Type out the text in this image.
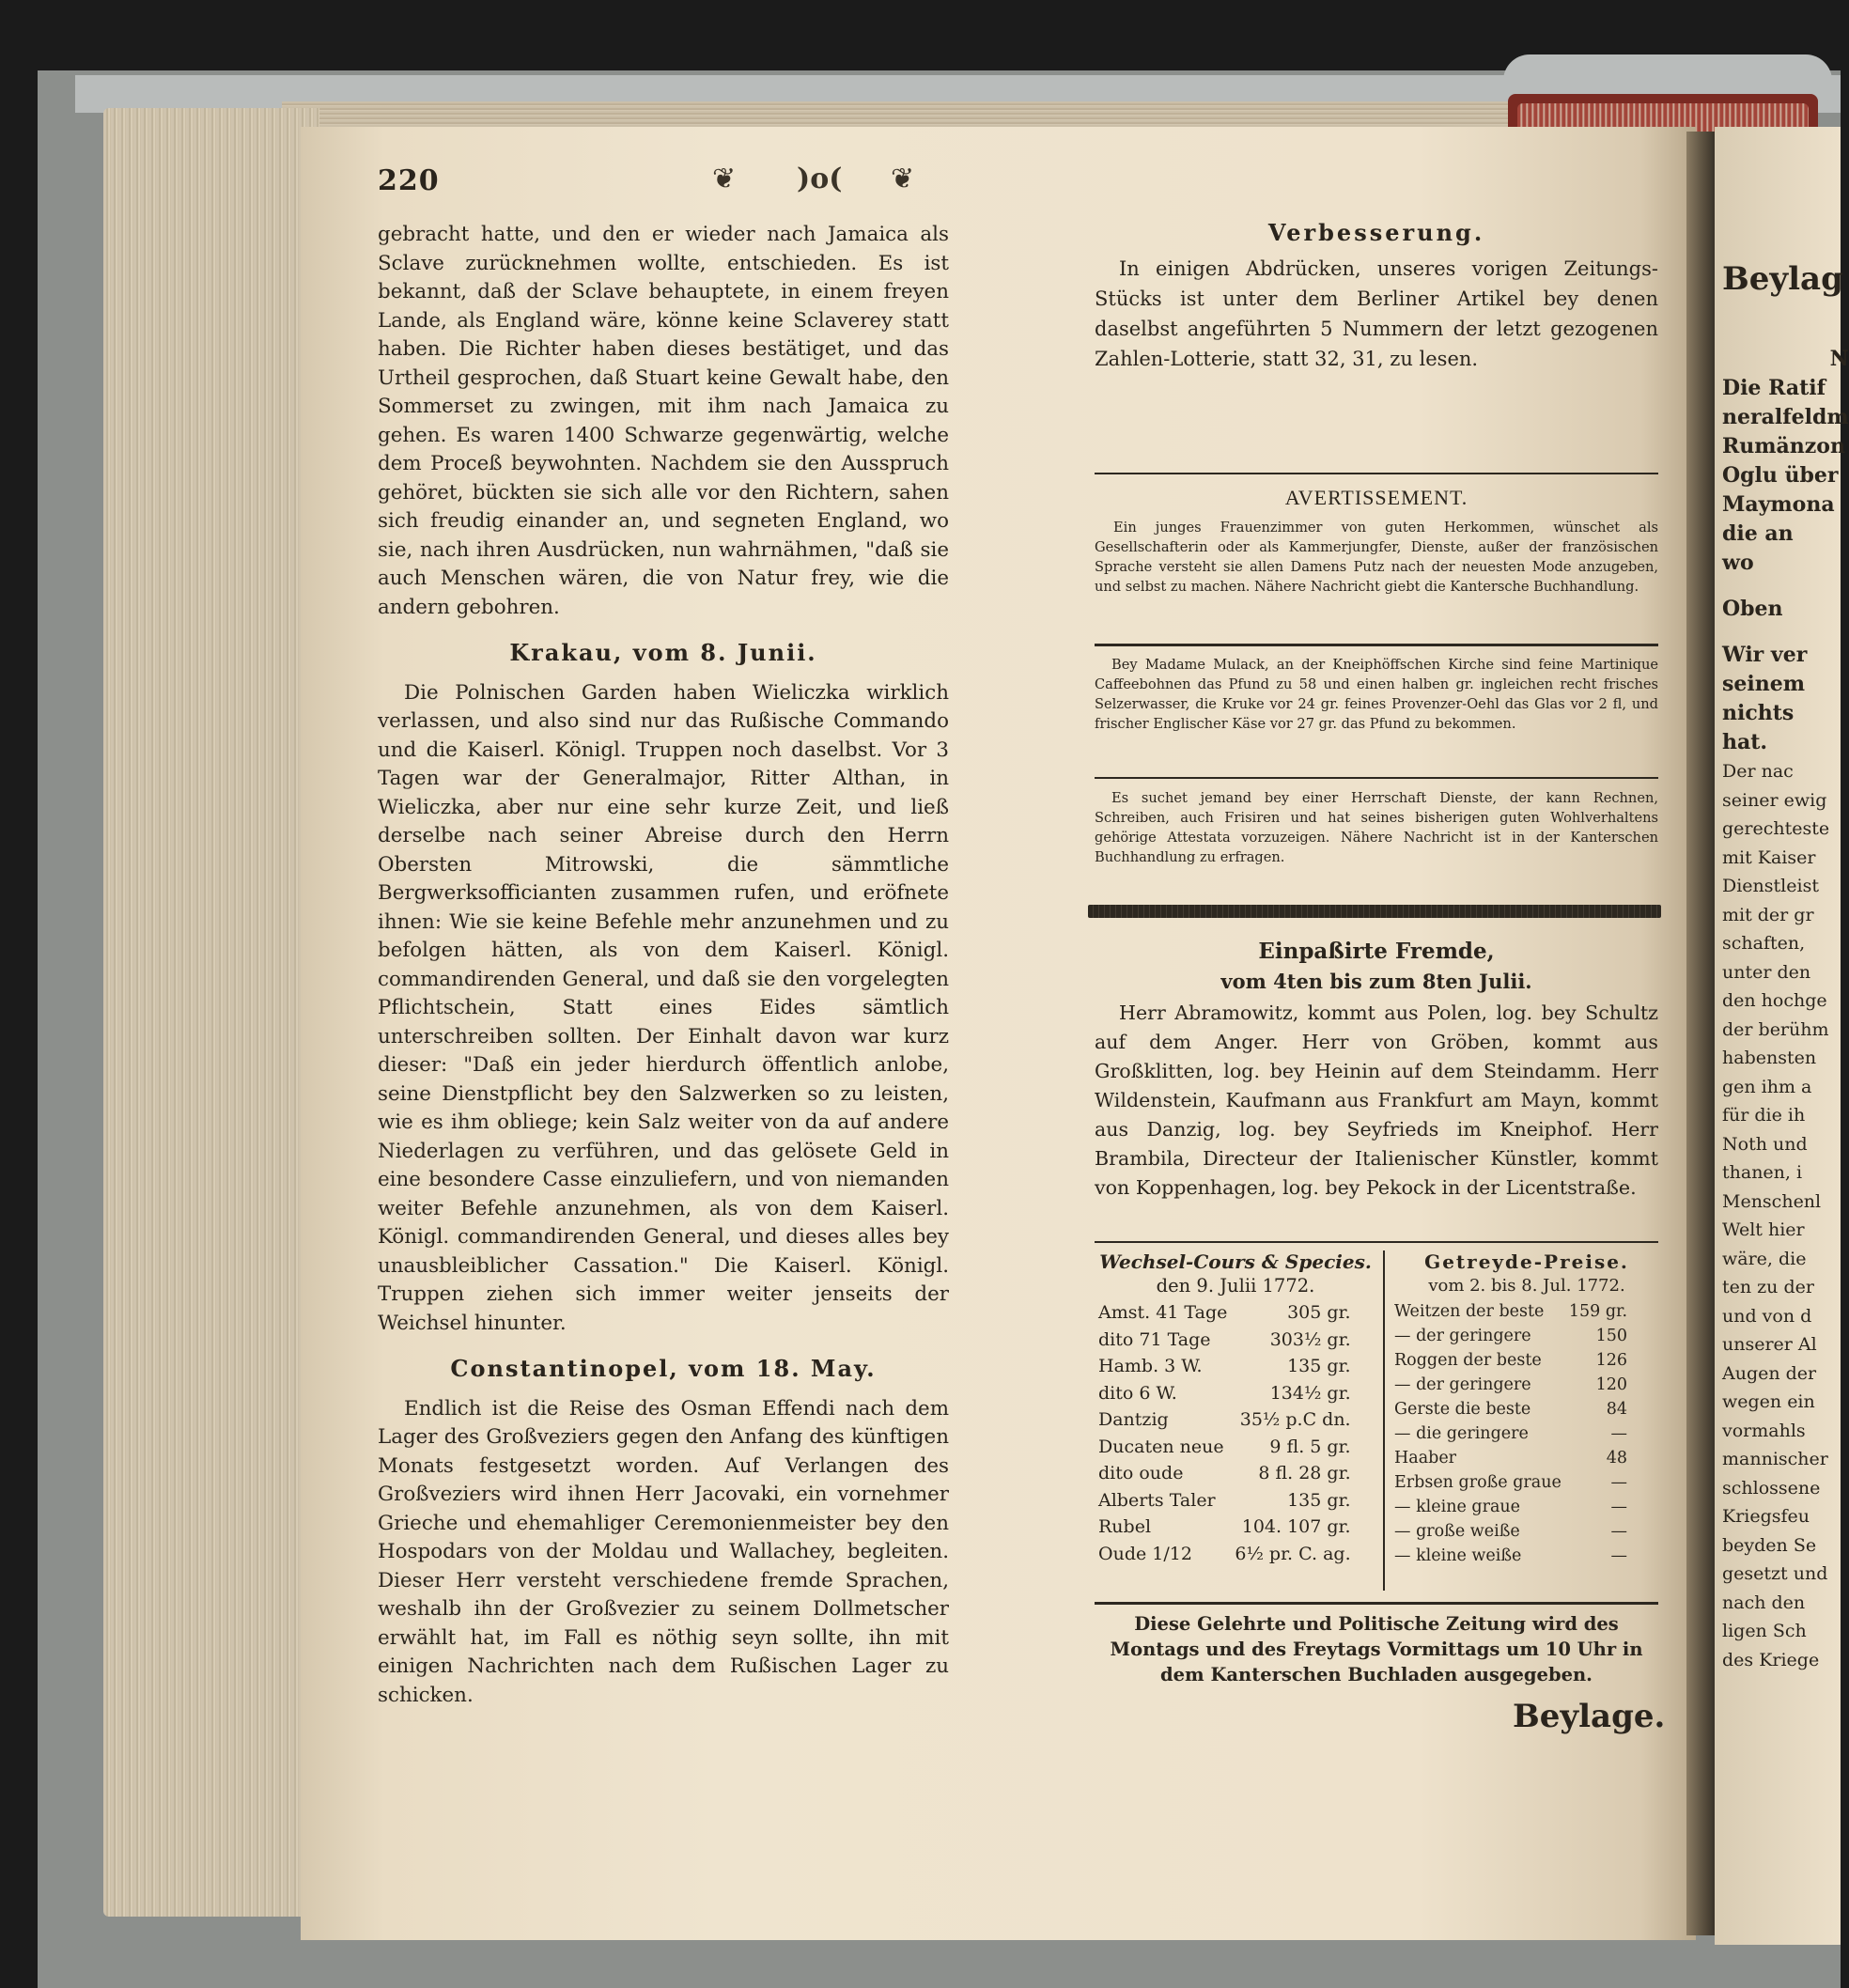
220	❦ )o( ❦

gebracht hatte, und den er wieder nach Jamaica als Sclave zurücknehmen wollte, entschieden. Es ist bekannt, daß der Sclave behauptete, in einem freyen Lande, als England wäre, könne keine Sclaverey statt haben. Die Richter haben dieses bestätiget, und das Urtheil gesprochen, daß Stuart keine Gewalt habe, den Sommerset zu zwingen, mit ihm nach Jamaica zu gehen. Es waren 1400 Schwarze gegenwärtig, welche dem Proceß beywohnten. Nachdem sie den Ausspruch gehöret, bückten sie sich alle vor den Richtern, sahen sich freudig einander an, und segneten England, wo sie, nach ihren Ausdrücken, nun wahrnähmen, "daß sie auch Menschen wären, die von Natur frey, wie die andern gebohren.

Krakau, vom 8. Junii.

Die Polnischen Garden haben Wieliczka wirklich verlassen, und also sind nur das Rußische Commando und die Kaiserl. Königl. Truppen noch daselbst. Vor 3 Tagen war der Generalmajor, Ritter Althan, in Wieliczka, aber nur eine sehr kurze Zeit, und ließ derselbe nach seiner Abreise durch den Herrn Obersten Mitrowski, die sämmtliche Bergwerksofficianten zusammen rufen, und eröfnete ihnen: Wie sie keine Befehle mehr anzunehmen und zu befolgen hätten, als von dem Kaiserl. Königl. commandirenden General, und daß sie den vorgelegten Pflichtschein, Statt eines Eides sämtlich unterschreiben sollten. Der Einhalt davon war kurz dieser: "Daß ein jeder hierdurch öffentlich anlobe, seine Dienstpflicht bey den Salzwerken so zu leisten, wie es ihm obliege; kein Salz weiter von da auf andere Niederlagen zu verführen, und das gelösete Geld in eine besondere Casse einzuliefern, und von niemanden weiter Befehle anzunehmen, als von dem Kaiserl. Königl. commandirenden General, und dieses alles bey unausbleiblicher Cassation." Die Kaiserl. Königl. Truppen ziehen sich immer weiter jenseits der Weichsel hinunter.

Constantinopel, vom 18. May.

Endlich ist die Reise des Osman Effendi nach dem Lager des Großveziers gegen den Anfang des künftigen Monats festgesetzt worden. Auf Verlangen des Großveziers wird ihnen Herr Jacovaki, ein vornehmer Grieche und ehemahliger Ceremonienmeister bey den Hospodars von der Moldau und Wallachey, begleiten. Dieser Herr versteht verschiedene fremde Sprachen, weshalb ihn der Großvezier zu seinem Dollmetscher erwählt hat, im Fall es nöthig seyn sollte, ihn mit einigen Nachrichten nach dem Rußischen Lager zu schicken.

Verbesserung.
In einigen Abdrücken, unseres vorigen Zeitungs-Stücks ist unter dem Berliner Artikel bey denen daselbst angeführten 5 Nummern der letzt gezogenen Zahlen-Lotterie, statt 32, 31, zu lesen.
AVERTISSEMENT.
Ein junges Frauenzimmer von guten Herkommen, wünschet als Gesellschafterin oder als Kammerjungfer, Dienste, außer der französischen Sprache versteht sie allen Damens Putz nach der neuesten Mode anzugeben, und selbst zu machen. Nähere Nachricht giebt die Kantersche Buchhandlung.
Bey Madame Mulack, an der Kneiphöffschen Kirche sind feine Martinique Caffeebohnen das Pfund zu 58 und einen halben gr. ingleichen recht frisches Selzerwasser, die Kruke vor 24 gr. feines Provenzer-Oehl das Glas vor 2 fl, und frischer Englischer Käse vor 27 gr. das Pfund zu bekommen.
Es suchet jemand bey einer Herrschaft Dienste, der kann Rechnen, Schreiben, auch Frisiren und hat seines bisherigen guten Wohlverhaltens gehörige Attestata vorzuzeigen. Nähere Nachricht ist in der Kanterschen Buchhandlung zu erfragen.
Einpaßirte Fremde,
vom 4ten bis zum 8ten Julii.
Herr Abramowitz, kommt aus Polen, log. bey Schultz auf dem Anger. Herr von Gröben, kommt aus Großklitten, log. bey Heinin auf dem Steindamm. Herr Wildenstein, Kaufmann aus Frankfurt am Mayn, kommt aus Danzig, log. bey Seyfrieds im Kneiphof. Herr Brambila, Directeur der Italienischer Künstler, kommt von Koppenhagen, log. bey Pekock in der Licentstraße.
Wechsel-Cours & Species.
den 9. Julii 1772.
Amst. 41 Tage	305 gr.
dito 71 Tage	303½ gr.
Hamb. 3 W.	135 gr.
dito 6 W.	134½ gr.
Dantzig	35½ p.C dn.
Ducaten neue	9 fl. 5 gr.
dito oude	8 fl. 28 gr.
Alberts Taler	135 gr.
Rubel	104. 107 gr.
Oude 1/12	6½ pr. C. ag.
Getreyde-Preise.
vom 2. bis 8. Jul. 1772.
Weitzen der beste	159 gr.
— der geringere	150
Roggen der beste	126
— der geringere	120
Gerste die beste	84
— die geringere	—
Haaber	48
Erbsen große graue	—
— kleine graue	—
— große weiße	—
— kleine weiße	—
Diese Gelehrte und Politische Zeitung wird des Montags und des Freytags Vormittags um 10 Uhr in dem Kanterschen Buchladen ausgegeben.
Beylage.
Beylag
N
Die Ratif
neralfeldm
Rumänzon
Oglu über
Maymona
die an
wo
Oben
Wir ver
seinem
nichts
hat.
Der nac
seiner ewig
gerechteste
mit Kaiser
Dienstleist
mit der gr
schaften,
unter den
den hochge
der berühm
habensten
gen ihm a
für die ih
Noth und
thanen, i
Menschenl
Welt hier
wäre, die
ten zu der
und von d
unserer Al
Augen der
wegen ein
vormahls
mannischer
schlossene
Kriegsfeu
beyden Se
gesetzt und
nach den
ligen Sch
des Kriege
